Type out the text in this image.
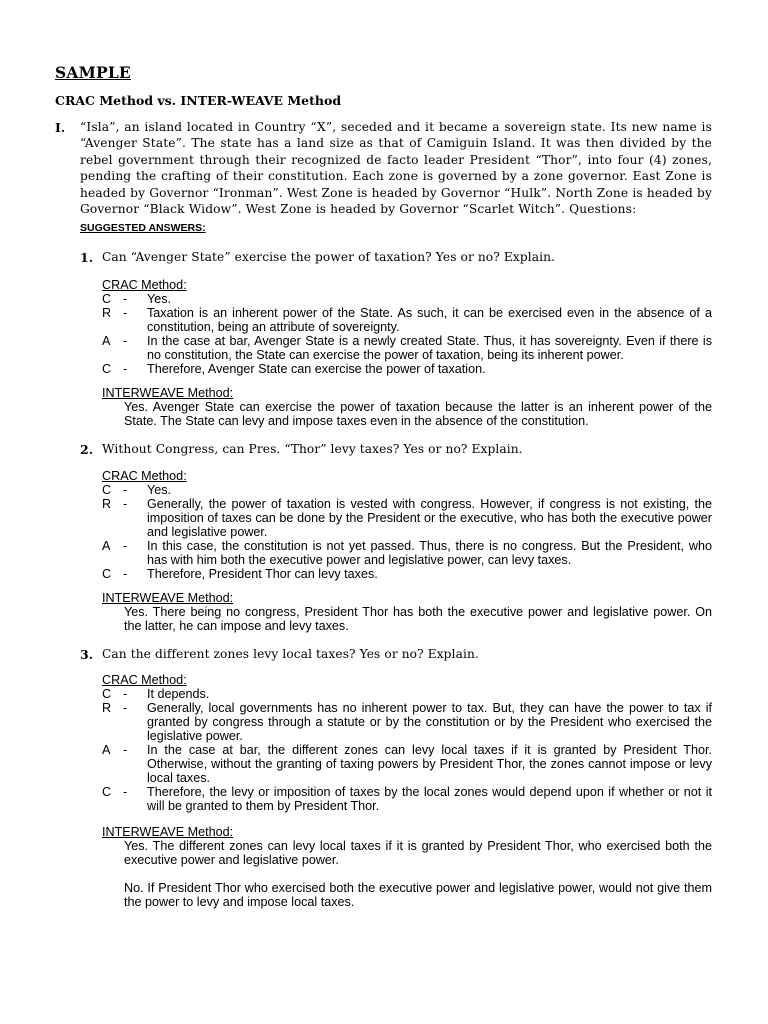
SAMPLE
CRAC Method vs. INTER-WEAVE Method
I. “Isla”, an island located in Country “X”, seceded and it became a sovereign state. Its new name is “Avenger State”. The state has a land size as that of Camiguin Island. It was then divided by the rebel government through their recognized de facto leader President “Thor”, into four (4) zones, pending the crafting of their constitution. Each zone is governed by a zone governor. East Zone is headed by Governor “Ironman”. West Zone is headed by Governor “Hulk”. North Zone is headed by Governor “Black Widow”. West Zone is headed by Governor “Scarlet Witch”. Questions:
SUGGESTED ANSWERS:
1. Can “Avenger State” exercise the power of taxation? Yes or no? Explain.
CRAC Method:
C -	Yes.
R -	Taxation is an inherent power of the State. As such, it can be exercised even in the absence of a constitution, being an attribute of sovereignty.
A -	In the case at bar, Avenger State is a newly created State. Thus, it has sovereignty. Even if there is no constitution, the State can exercise the power of taxation, being its inherent power.
C -	Therefore, Avenger State can exercise the power of taxation.
INTERWEAVE Method:

Yes. Avenger State can exercise the power of taxation because the latter is an inherent power of the State. The State can levy and impose taxes even in the absence of the constitution.

2. Without Congress, can Pres. “Thor” levy taxes? Yes or no? Explain.
CRAC Method:
C -	Yes.
R -	Generally, the power of taxation is vested with congress. However, if congress is not existing, the imposition of taxes can be done by the President or the executive, who has both the executive power and legislative power.
A -	In this case, the constitution is not yet passed. Thus, there is no congress. But the President, who has with him both the executive power and legislative power, can levy taxes.
C -	Therefore, President Thor can levy taxes.
INTERWEAVE Method:

Yes. There being no congress, President Thor has both the executive power and legislative power. On the latter, he can impose and levy taxes.

3. Can the different zones levy local taxes? Yes or no? Explain.
CRAC Method:
C -	It depends.
R -	Generally, local governments has no inherent power to tax. But, they can have the power to tax if granted by congress through a statute or by the constitution or by the President who exercised the legislative power.
A -	In the case at bar, the different zones can levy local taxes if it is granted by President Thor. Otherwise, without the granting of taxing powers by President Thor, the zones cannot impose or levy local taxes.
C -	Therefore, the levy or imposition of taxes by the local zones would depend upon if whether or not it will be granted to them by President Thor.
INTERWEAVE Method:

Yes. The different zones can levy local taxes if it is granted by President Thor, who exercised both the executive power and legislative power.

No. If President Thor who exercised both the executive power and legislative power, would not give them the power to levy and impose local taxes.
